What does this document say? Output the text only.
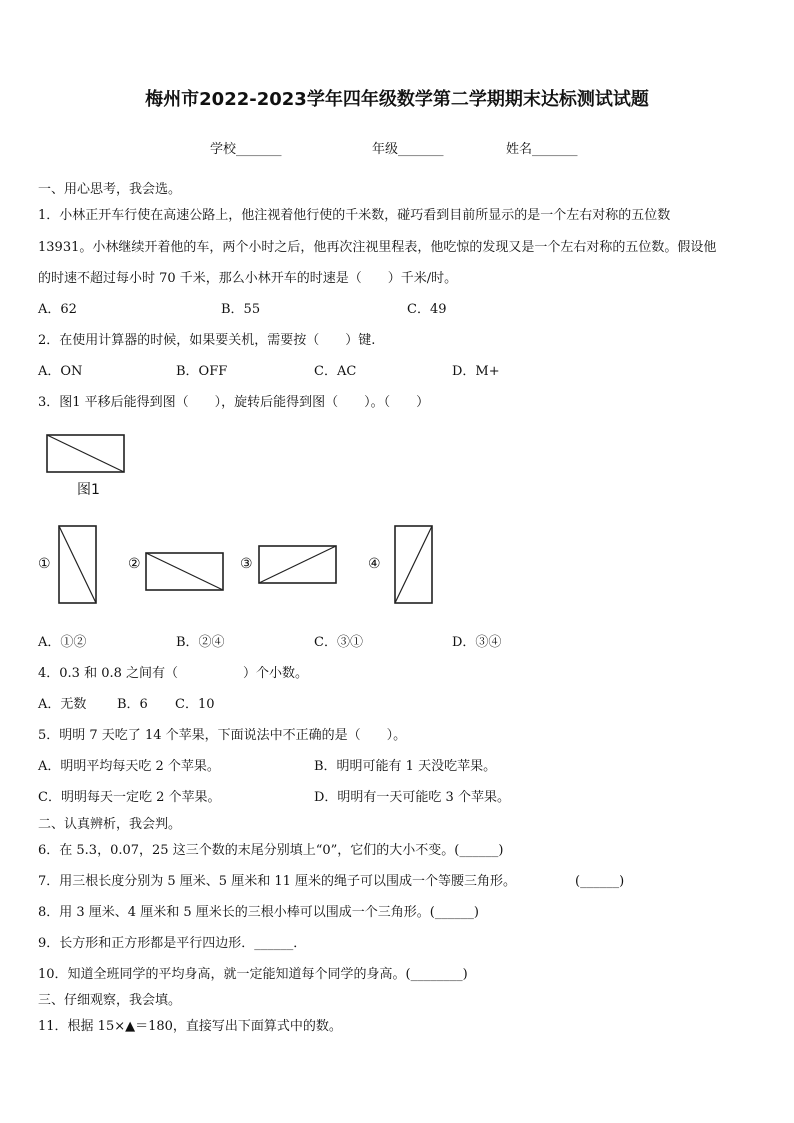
梅州市2022-2023学年四年级数学第二学期期末达标测试试题
学校_______	年级_______	姓名_______
一、用心思考，我会选。
1．小林正开车行使在高速公路上，他注视着他行使的千米数，碰巧看到目前所显示的是一个左右对称的五位数
13931。小林继续开着他的车，两个小时之后，他再次注视里程表，他吃惊的发现又是一个左右对称的五位数。假设他
的时速不超过每小时 70 千米，那么小林开车的时速是（　　）千米/时。
A．62	B．55	C．49
2．在使用计算器的时候，如果要关机，需要按（　　）键.
A．ON	B．OFF	C．AC	D．M+
3．图1 平移后能得到图（　　），旋转后能得到图（　　）。（　　）
图1
①	②	③	④
A．①②	B．②④	C．③①	D．③④
4．0.3 和 0.8 之间有（　　　　　）个小数。
A．无数 B．6 C．10
5．明明 7 天吃了 14 个苹果，下面说法中不正确的是（　　）。
A．明明平均每天吃 2 个苹果。	B．明明可能有 1 天没吃苹果。
C．明明每天一定吃 2 个苹果。	D．明明有一天可能吃 3 个苹果。
二、认真辨析，我会判。
6．在 5.3，0.07，25 这三个数的末尾分别填上“0”，它们的大小不变。(______)
7．用三根长度分别为 5 厘米、5 厘米和 11 厘米的绳子可以围成一个等腰三角形。	(______)
8．用 3 厘米、4 厘米和 5 厘米长的三根小棒可以围成一个三角形。(______)
9．长方形和正方形都是平行四边形．______．
10．知道全班同学的平均身高，就一定能知道每个同学的身高。(________)
三、仔细观察，我会填。
11．根据 15×▲＝180，直接写出下面算式中的数。
